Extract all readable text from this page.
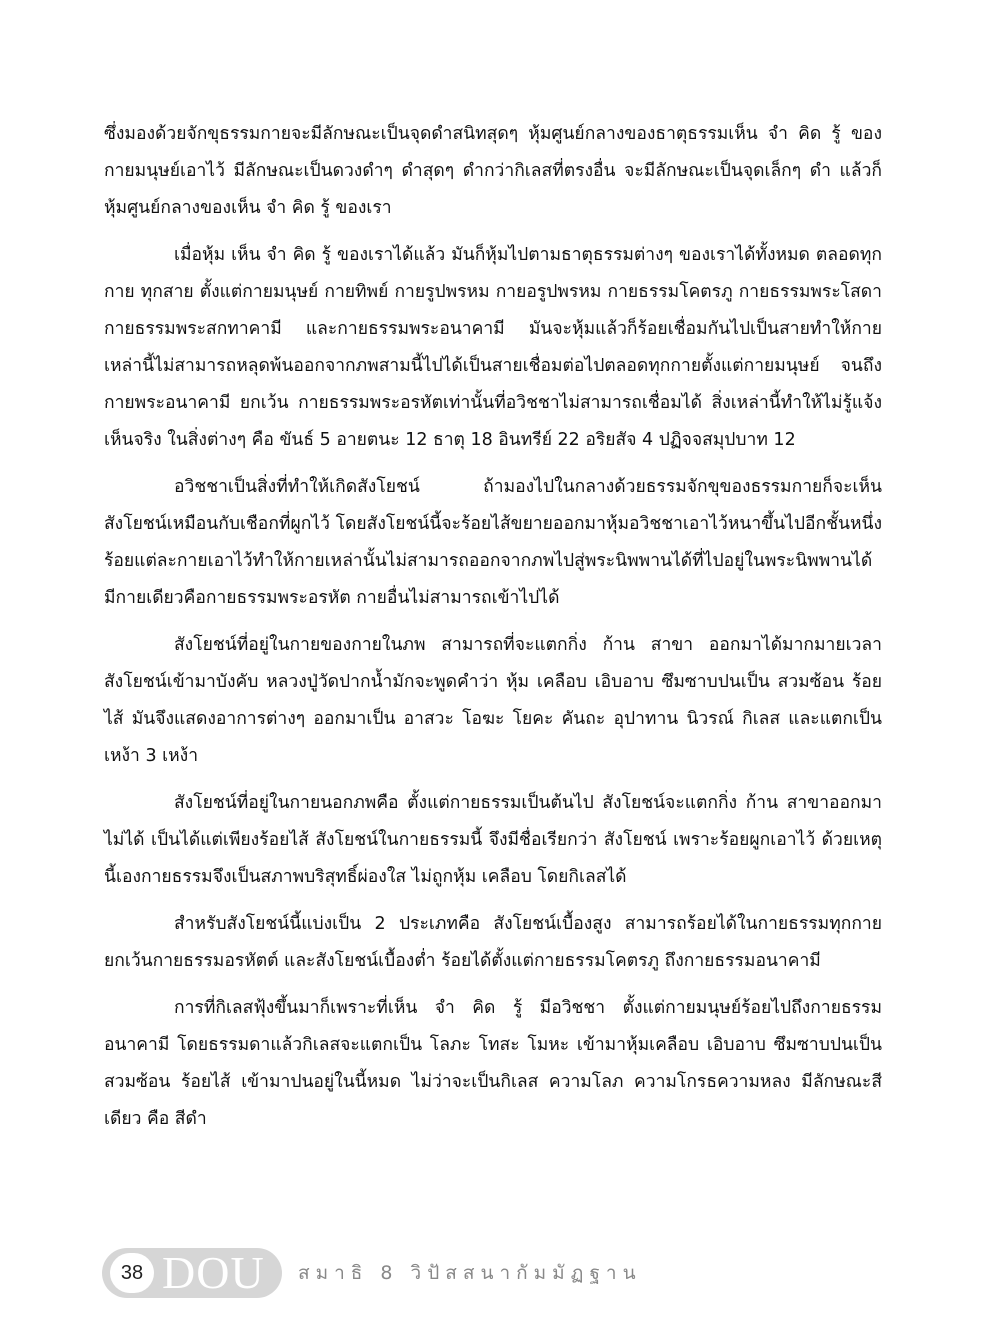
ซึ่งมองด้วยจักขุธรรมกายจะมีลักษณะเป็นจุดดำสนิทสุดๆ หุ้มศูนย์กลางของธาตุธรรมเห็น จำ คิด รู้ ของกายมนุษย์เอาไว้ มีลักษณะเป็นดวงดำๆ ดำสุดๆ ดำกว่ากิเลสที่ตรงอื่น จะมีลักษณะเป็นจุดเล็กๆ ดำ แล้วก็หุ้มศูนย์กลางของเห็น จำ คิด รู้ ของเรา

เมื่อหุ้ม เห็น จำ คิด รู้ ของเราได้แล้ว มันก็หุ้มไปตามธาตุธรรมต่างๆ ของเราได้ทั้งหมด ตลอดทุกกาย ทุกสาย ตั้งแต่กายมนุษย์ กายทิพย์ กายรูปพรหม กายอรูปพรหม กายธรรมโคตรภู กายธรรมพระโสดา กายธรรมพระสกทาคามี และกายธรรมพระอนาคามี มันจะหุ้มแล้วก็ร้อยเชื่อมกันไปเป็นสายทำให้กายเหล่านี้ไม่สามารถหลุดพ้นออกจากภพสามนี้ไปได้เป็นสายเชื่อมต่อไปตลอดทุกกายตั้งแต่กายมนุษย์ จนถึง กายพระอนาคามี ยกเว้น กายธรรมพระอรหัตเท่านั้นที่อวิชชาไม่สามารถเชื่อมได้ สิ่งเหล่านี้ทำให้ไม่รู้แจ้ง เห็นจริง ในสิ่งต่างๆ คือ ขันธ์ 5 อายตนะ 12 ธาตุ 18 อินทรีย์ 22 อริยสัจ 4 ปฏิจจสมุปบาท 12

อวิชชาเป็นสิ่งที่ทำให้เกิดสังโยชน์ ถ้ามองไปในกลางด้วยธรรมจักขุของธรรมกายก็จะเห็นสังโยชน์เหมือนกับเชือกที่ผูกไว้ โดยสังโยชน์นี้จะร้อยไส้ขยายออกมาหุ้มอวิชชาเอาไว้หนาขึ้นไปอีกชั้นหนึ่ง ร้อยแต่ละกายเอาไว้ทำให้กายเหล่านั้นไม่สามารถออกจากภพไปสู่พระนิพพานได้ที่ไปอยู่ในพระนิพพานได้มีกายเดียวคือกายธรรมพระอรหัต กายอื่นไม่สามารถเข้าไปได้

สังโยชน์ที่อยู่ในกายของกายในภพ สามารถที่จะแตกกิ่ง ก้าน สาขา ออกมาได้มากมายเวลาสังโยชน์เข้ามาบังคับ หลวงปู่วัดปากน้ำมักจะพูดคำว่า หุ้ม เคลือบ เอิบอาบ ซึมซาบปนเป็น สวมซ้อน ร้อยไส้ มันจึงแสดงอาการต่างๆ ออกมาเป็น อาสวะ โอฆะ โยคะ คันถะ อุปาทาน นิวรณ์ กิเลส และแตกเป็นเหง้า 3 เหง้า

สังโยชน์ที่อยู่ในกายนอกภพคือ ตั้งแต่กายธรรมเป็นต้นไป สังโยชน์จะแตกกิ่ง ก้าน สาขาออกมาไม่ได้ เป็นได้แต่เพียงร้อยไส้ สังโยชน์ในกายธรรมนี้ จึงมีชื่อเรียกว่า สังโยชน์ เพราะร้อยผูกเอาไว้ ด้วยเหตุนี้เองกายธรรมจึงเป็นสภาพบริสุทธิ์ผ่องใส ไม่ถูกหุ้ม เคลือบ โดยกิเลสได้

สำหรับสังโยชน์นี้แบ่งเป็น 2 ประเภทคือ สังโยชน์เบื้องสูง สามารถร้อยได้ในกายธรรมทุกกาย ยกเว้นกายธรรมอรหัตต์ และสังโยชน์เบื้องต่ำ ร้อยได้ตั้งแต่กายธรรมโคตรภู ถึงกายธรรมอนาคามี

การที่กิเลสฟุ้งขึ้นมาก็เพราะที่เห็น จำ คิด รู้ มีอวิชชา ตั้งแต่กายมนุษย์ร้อยไปถึงกายธรรมอนาคามี โดยธรรมดาแล้วกิเลสจะแตกเป็น โลภะ โทสะ โมหะ เข้ามาหุ้มเคลือบ เอิบอาบ ซึมซาบปนเป็น สวมซ้อน ร้อยไส้ เข้ามาปนอยู่ในนี้หมด ไม่ว่าจะเป็นกิเลส ความโลภ ความโกรธความหลง มีลักษณะสีเดียว คือ สีดำ

38 DOU สมาธิ 8 วิปัสสนากัมมัฏฐาน
